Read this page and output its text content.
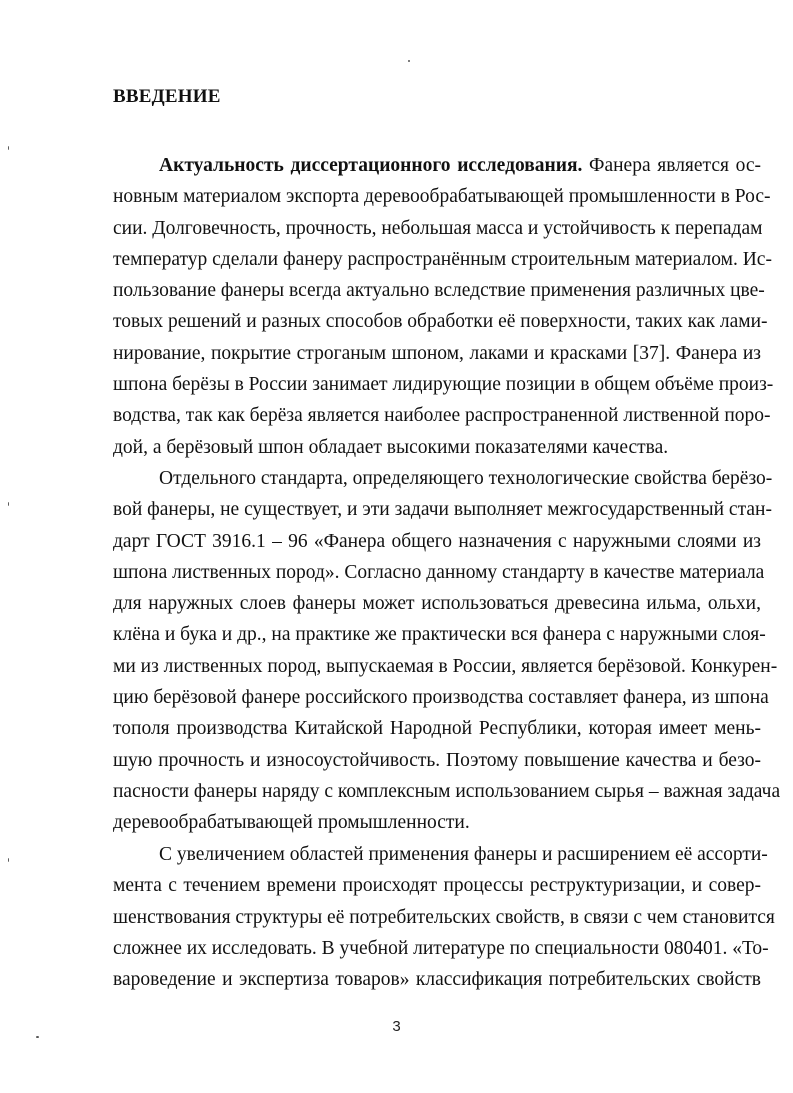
ВВЕДЕНИЕ
Актуальность диссертационного исследования. Фанера является ос-
новным материалом экспорта деревообрабатывающей промышленности в Рос-
сии. Долговечность, прочность, небольшая масса и устойчивость к перепадам
температур сделали фанеру распространённым строительным материалом. Ис-
пользование фанеры всегда актуально вследствие применения различных цве-
товых решений и разных способов обработки её поверхности, таких как лами-
нирование, покрытие строганым шпоном, лаками и красками [37]. Фанера из
шпона берёзы в России занимает лидирующие позиции в общем объёме произ-
водства, так как берёза является наиболее распространенной лиственной поро-
дой, а берёзовый шпон обладает высокими показателями качества.
Отдельного стандарта, определяющего технологические свойства берёзо-
вой фанеры, не существует, и эти задачи выполняет межгосударственный стан-
дарт ГОСТ 3916.1 – 96 «Фанера общего назначения с наружными слоями из
шпона лиственных пород». Согласно данному стандарту в качестве материала
для наружных слоев фанеры может использоваться древесина ильма, ольхи,
клёна и бука и др., на практике же практически вся фанера с наружными слоя-
ми из лиственных пород, выпускаемая в России, является берёзовой. Конкурен-
цию берёзовой фанере российского производства составляет фанера, из шпона
тополя производства Китайской Народной Республики, которая имеет мень-
шую прочность и износоустойчивость. Поэтому повышение качества и безо-
пасности фанеры наряду с комплексным использованием сырья – важная задача
деревообрабатывающей промышленности.
С увеличением областей применения фанеры и расширением её ассорти-
мента с течением времени происходят процессы реструктуризации, и совер-
шенствования структуры её потребительских свойств, в связи с чем становится
сложнее их исследовать. В учебной литературе по специальности 080401. «То-
вароведение и экспертиза товаров» классификация потребительских свойств
3
